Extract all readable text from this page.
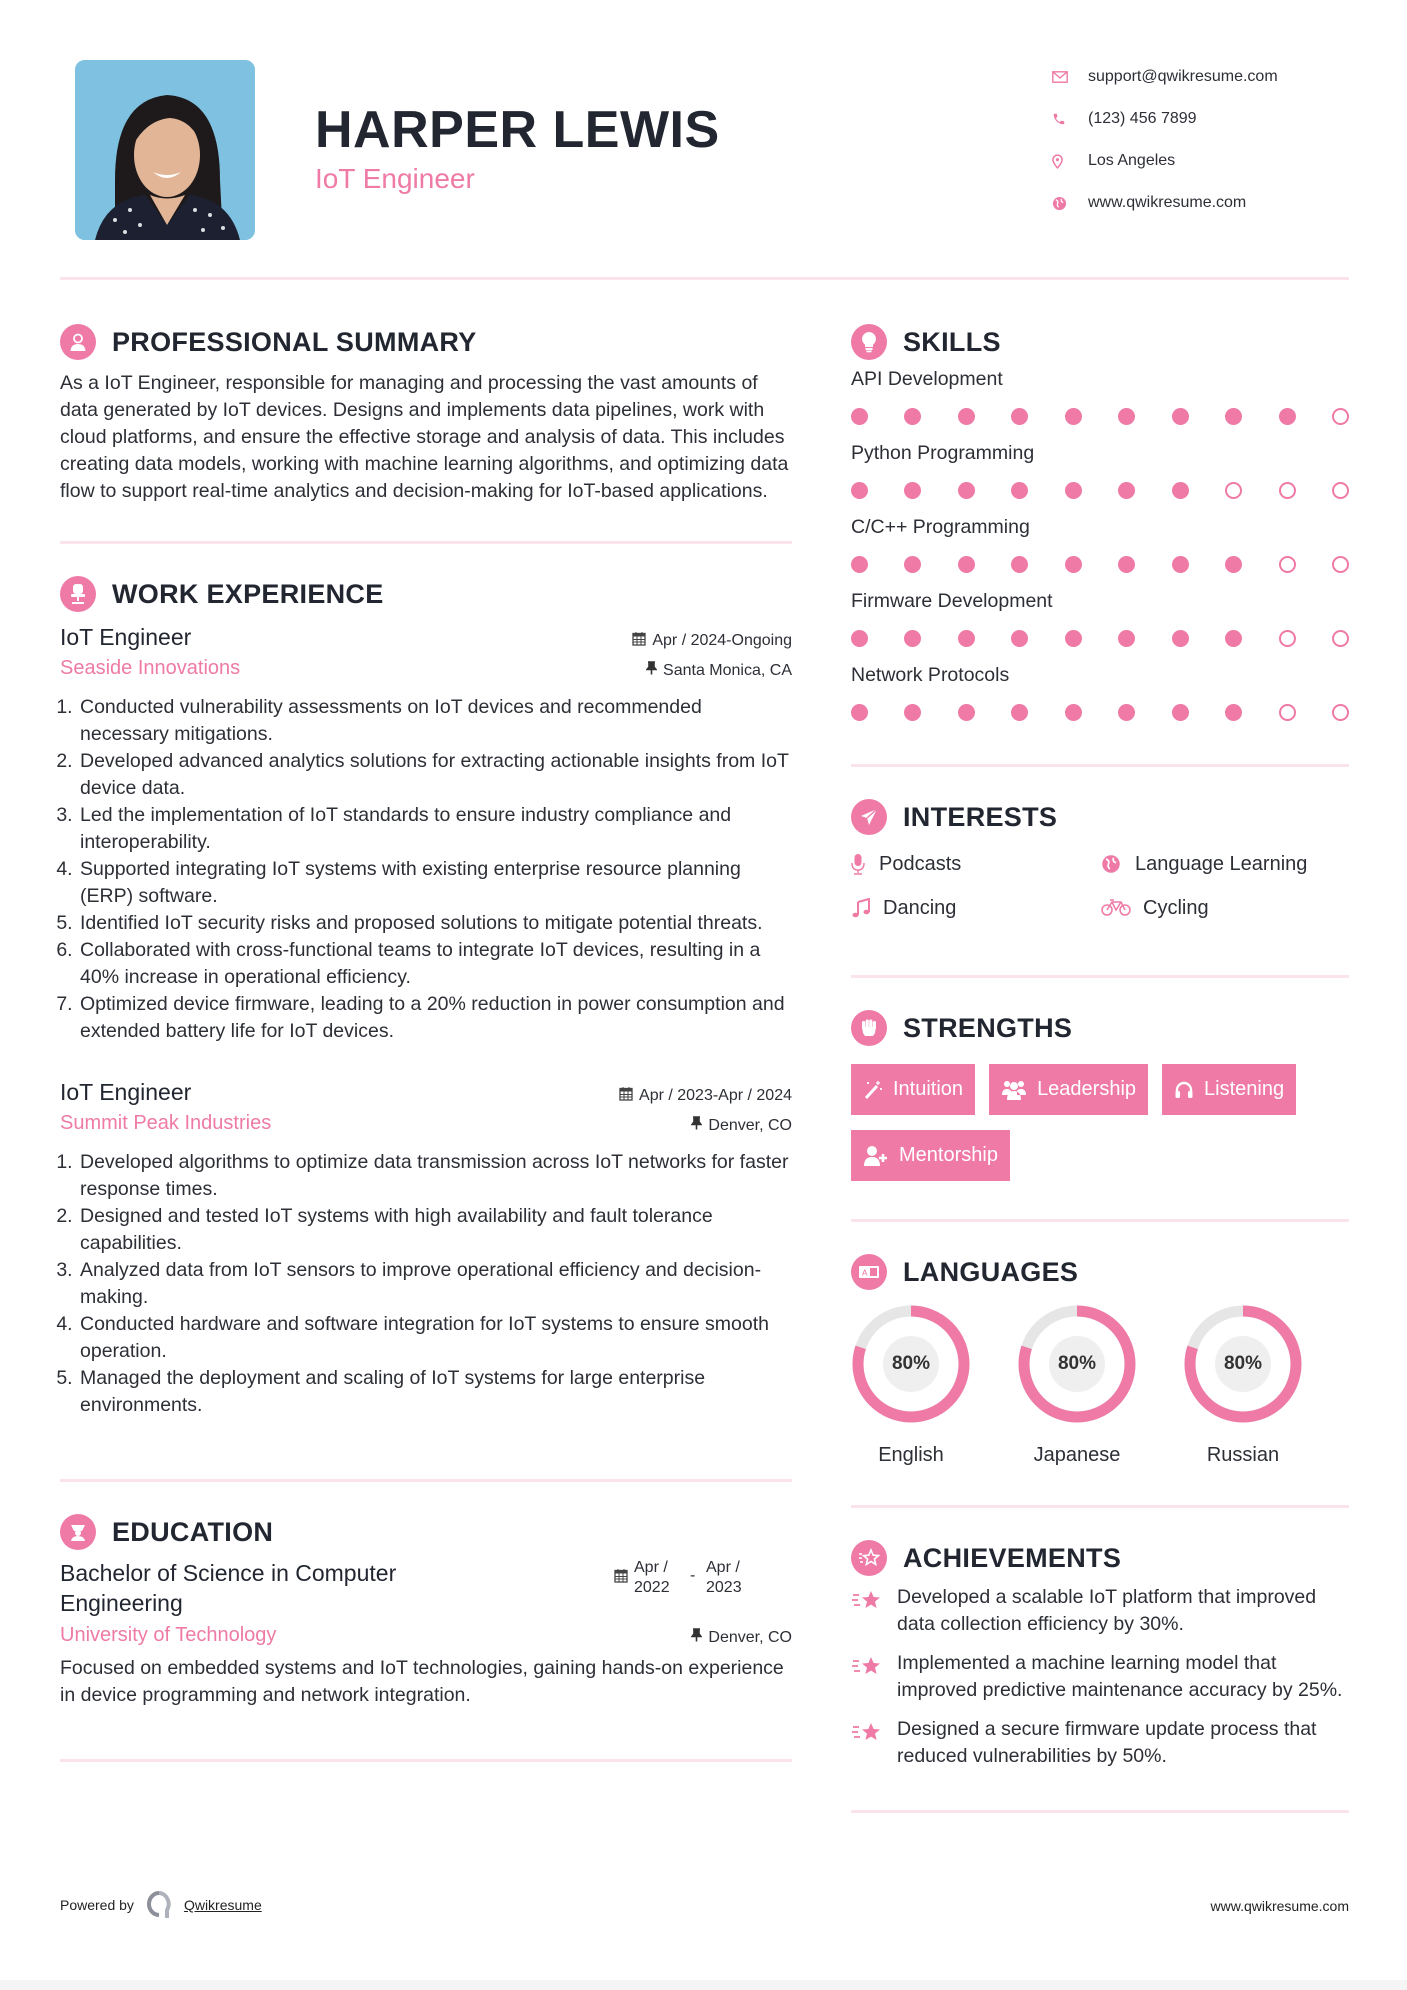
HARPER LEWIS
IoT Engineer
support@qwikresume.com
(123) 456 7899
Los Angeles
www.qwikresume.com
PROFESSIONAL SUMMARY

As a IoT Engineer, responsible for managing and processing the vast amounts of data generated by IoT devices. Designs and implements data pipelines, work with cloud platforms, and ensure the effective storage and analysis of data. This includes creating data models, working with machine learning algorithms, and optimizing data flow to support real-time analytics and decision-making for IoT-based applications.

WORK EXPERIENCE
IoT Engineer	Apr / 2024-Ongoing
Seaside Innovations	Santa Monica, CA
1. Conducted vulnerability assessments on IoT devices and recommended necessary mitigations.
2. Developed advanced analytics solutions for extracting actionable insights from IoT device data.
3. Led the implementation of IoT standards to ensure industry compliance and interoperability.
4. Supported integrating IoT systems with existing enterprise resource planning (ERP) software.
5. Identified IoT security risks and proposed solutions to mitigate potential threats.
6. Collaborated with cross-functional teams to integrate IoT devices, resulting in a 40% increase in operational efficiency.
7. Optimized device firmware, leading to a 20% reduction in power consumption and extended battery life for IoT devices.
IoT Engineer	Apr / 2023-Apr / 2024
Summit Peak Industries	Denver, CO
1. Developed algorithms to optimize data transmission across IoT networks for faster response times.
2. Designed and tested IoT systems with high availability and fault tolerance capabilities.
3. Analyzed data from IoT sensors to improve operational efficiency and decision-making.
4. Conducted hardware and software integration for IoT systems to ensure smooth operation.
5. Managed the deployment and scaling of IoT systems for large enterprise environments.
EDUCATION
Bachelor of Science in Computer Engineering
Apr / 2022
- Apr / 2023
University of Technology	Denver, CO

Focused on embedded systems and IoT technologies, gaining hands-on experience in device programming and network integration.

SKILLS
API Development
Python Programming
C/C++ Programming
Firmware Development
Network Protocols
INTERESTS
Podcasts	Language Learning
Dancing	Cycling
STRENGTHS
Intuition	Leadership	Listening
Mentorship
A LANGUAGES
80%
English
80%
Japanese
80%
Russian
ACHIEVEMENTS
Developed a scalable IoT platform that improved data collection efficiency by 30%.
Implemented a machine learning model that improved predictive maintenance accuracy by 25%.
Designed a secure firmware update process that reduced vulnerabilities by 50%.
Powered by	Qwikresume	www.qwikresume.com
